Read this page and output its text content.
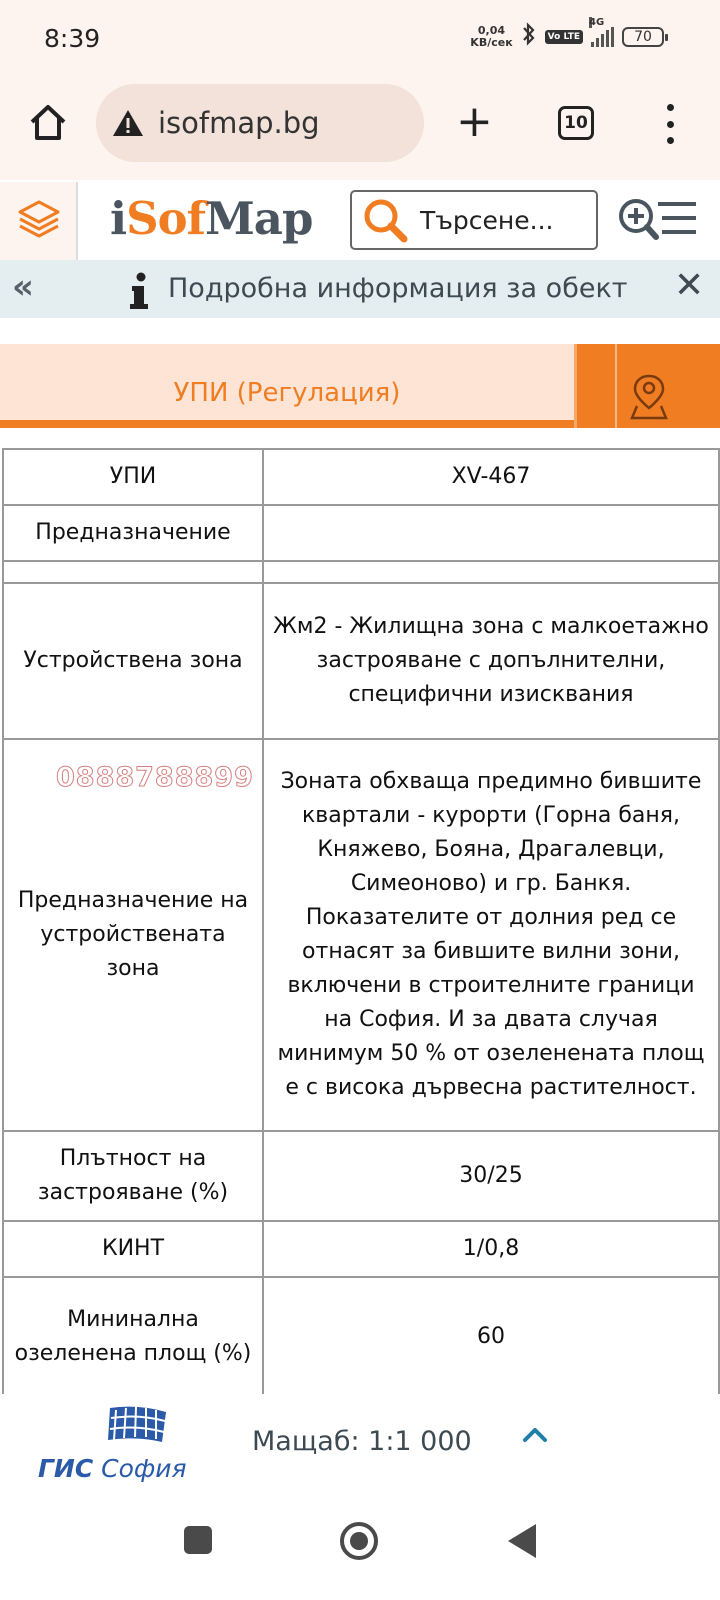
8:39	0,04
KB/сек	Vo LTE
4G
70
isofmap.bg	+	10
iSofMap	Търсене...
«	Подробна информация за обект ✕
УПИ (Регулация)
УПИ	XV-467
Предназначение	

Устройствена зона	Жм2 - Жилищна зона с малкоетажно застрояване с допълнителни, специфични изисквания
Предназначение на устройствената зона	Зоната обхваща предимно бившите квартали - курорти (Горна баня, Княжево, Бояна, Драгалевци, Симеоново) и гр. Банкя. Показателите от долния ред се отнасят за бившите вилни зони, включени в строителните граници на София. И за двата случая минимум 50 % от озеленената площ е с висока дървесна растителност.
Плътност на застрояване (%)	30/25
КИНТ	1/0,8
Мининална озеленена площ (%)	60
0888788899
ГИС София
Мащаб: 1:1 000
